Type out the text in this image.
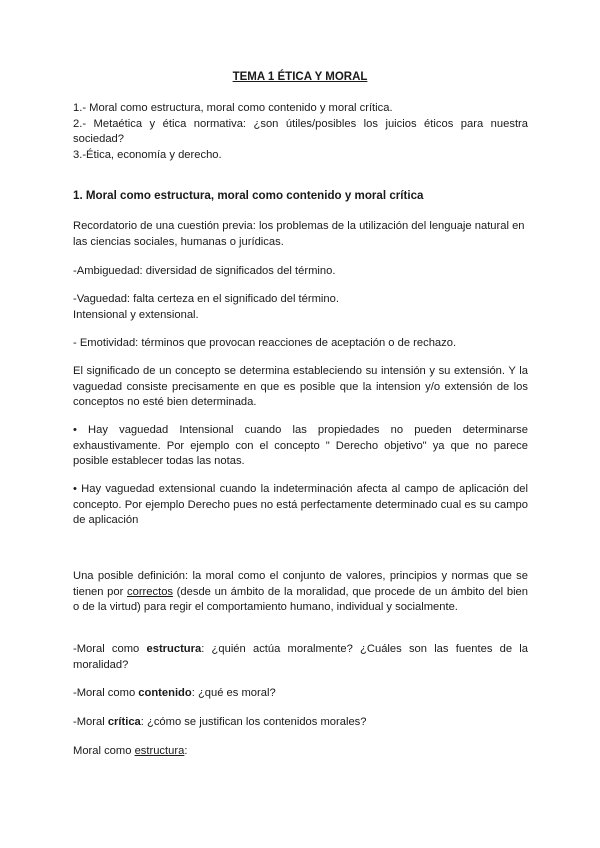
TEMA 1 ÉTICA Y MORAL
1.- Moral como estructura, moral como contenido y moral crítica.
2.- Metaética y ética normativa: ¿son útiles/posibles los juicios éticos para nuestra sociedad?
3.-Ética, economía y derecho.
1. Moral como estructura, moral como contenido y moral crítica
Recordatorio de una cuestión previa: los problemas de la utilización del lenguaje natural en las ciencias sociales, humanas o jurídicas.
-Ambiguedad: diversidad de significados del término.
-Vaguedad: falta certeza en el significado del término.
Intensional y extensional.
- Emotividad: términos que provocan reacciones de aceptación o de rechazo.
El significado de un concepto se determina estableciendo su intensión y su extensión. Y la vaguedad consiste precisamente en que es posible que la intension y/o extensión de los conceptos no esté bien determinada.
• Hay vaguedad Intensional cuando las propiedades no pueden determinarse exhaustivamente. Por ejemplo con el concepto " Derecho objetivo" ya que no parece posible establecer todas las notas.
• Hay vaguedad extensional cuando la indeterminación afecta al campo de aplicación del concepto. Por ejemplo Derecho pues no está perfectamente determinado cual es su campo de aplicación
Una posible definición: la moral como el conjunto de valores, principios y normas que se tienen por correctos (desde un ámbito de la moralidad, que procede de un ámbito del bien o de la virtud) para regir el comportamiento humano, individual y socialmente.
-Moral como estructura: ¿quién actúa moralmente? ¿Cuáles son las fuentes de la moralidad?
-Moral como contenido: ¿qué es moral?
-Moral crítica: ¿cómo se justifican los contenidos morales?
Moral como estructura:
